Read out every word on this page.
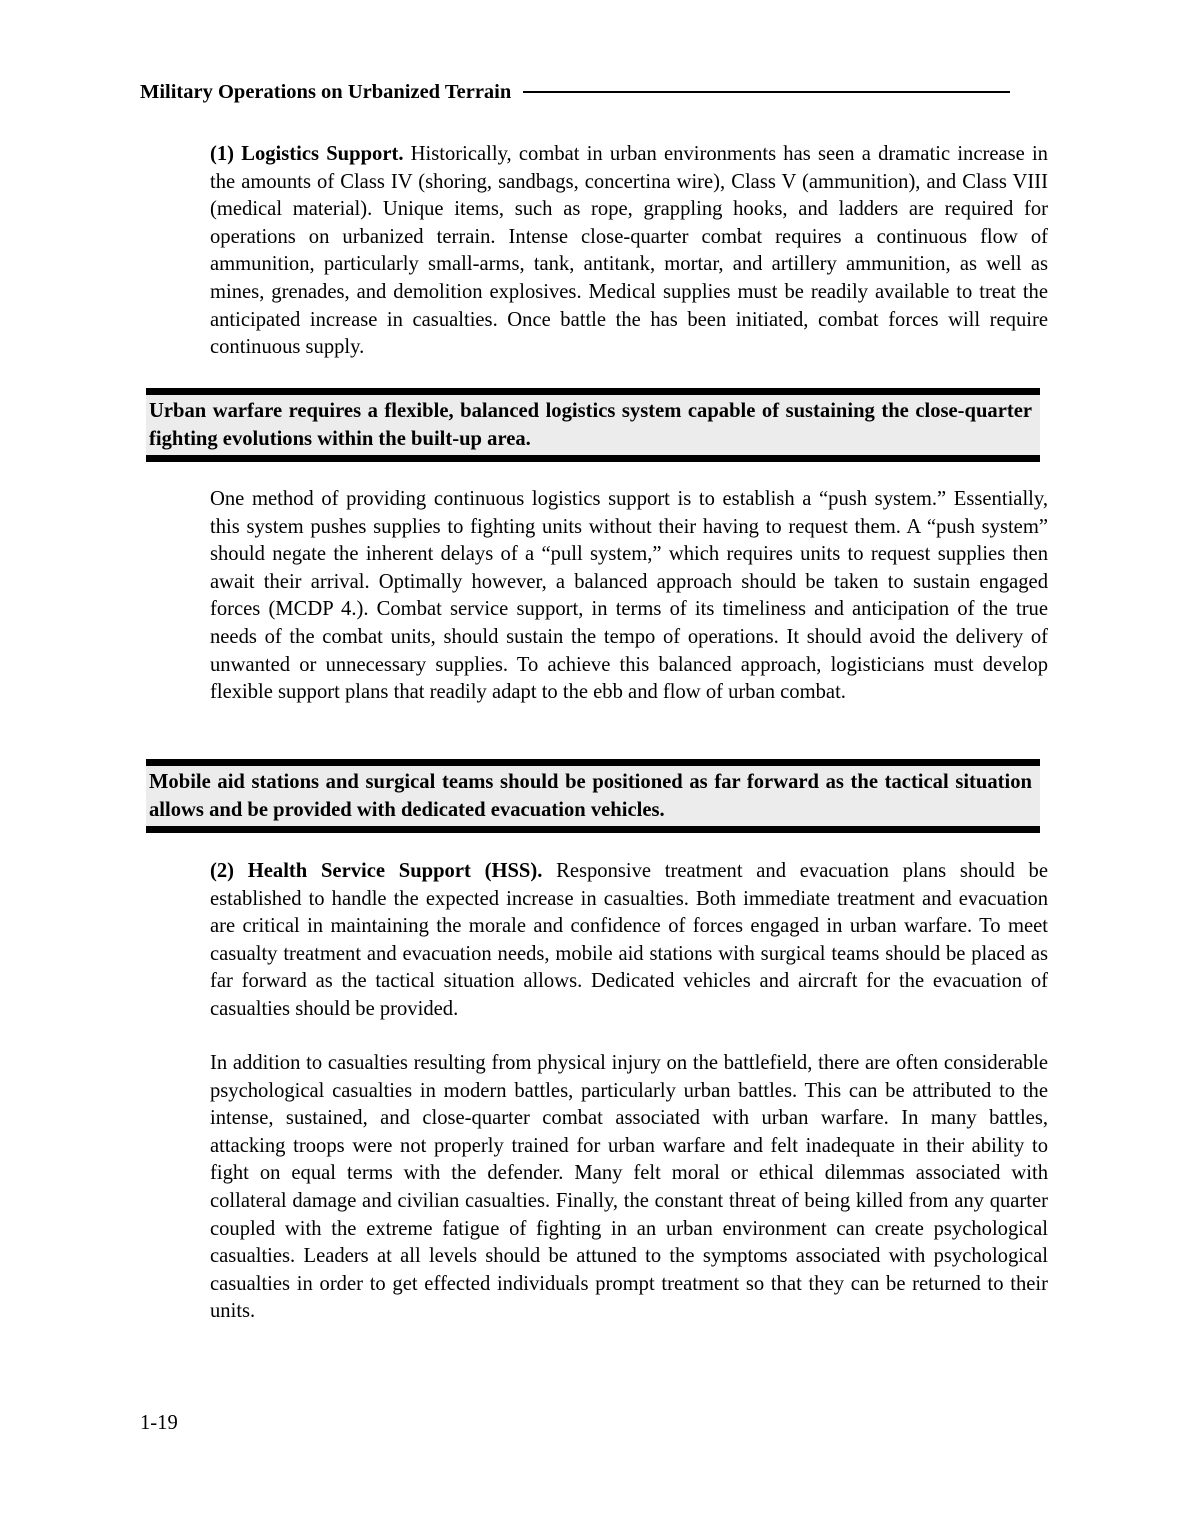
Military Operations on Urbanized Terrain

(1) Logistics Support. Historically, combat in urban environments has seen a dramatic increase in the amounts of Class IV (shoring, sandbags, concertina wire), Class V (ammunition), and Class VIII (medical material). Unique items, such as rope, grappling hooks, and ladders are required for operations on urbanized terrain. Intense close-quarter combat requires a continuous flow of ammunition, particularly small-arms, tank, antitank, mortar, and artillery ammunition, as well as mines, grenades, and demolition explosives. Medical supplies must be readily available to treat the anticipated increase in casualties. Once battle the has been initiated, combat forces will require continuous supply.

Urban warfare requires a flexible, balanced logistics system capable of sustaining the close-quarter fighting evolutions within the built-up area.

One method of providing continuous logistics support is to establish a “push system.” Essentially, this system pushes supplies to fighting units without their having to request them. A “push system” should negate the inherent delays of a “pull system,” which requires units to request supplies then await their arrival. Optimally however, a balanced approach should be taken to sustain engaged forces (MCDP 4.). Combat service support, in terms of its timeliness and anticipation of the true needs of the combat units, should sustain the tempo of operations. It should avoid the delivery of unwanted or unnecessary supplies. To achieve this balanced approach, logisticians must develop flexible support plans that readily adapt to the ebb and flow of urban combat.

Mobile aid stations and surgical teams should be positioned as far forward as the tactical situation allows and be provided with dedicated evacuation vehicles.

(2) Health Service Support (HSS). Responsive treatment and evacuation plans should be established to handle the expected increase in casualties. Both immediate treatment and evacuation are critical in maintaining the morale and confidence of forces engaged in urban warfare. To meet casualty treatment and evacuation needs, mobile aid stations with surgical teams should be placed as far forward as the tactical situation allows. Dedicated vehicles and aircraft for the evacuation of casualties should be provided.

In addition to casualties resulting from physical injury on the battlefield, there are often considerable psychological casualties in modern battles, particularly urban battles. This can be attributed to the intense, sustained, and close-quarter combat associated with urban warfare. In many battles, attacking troops were not properly trained for urban warfare and felt inadequate in their ability to fight on equal terms with the defender. Many felt moral or ethical dilemmas associated with collateral damage and civilian casualties. Finally, the constant threat of being killed from any quarter coupled with the extreme fatigue of fighting in an urban environment can create psychological casualties. Leaders at all levels should be attuned to the symptoms associated with psychological casualties in order to get effected individuals prompt treatment so that they can be returned to their units.

1-19
